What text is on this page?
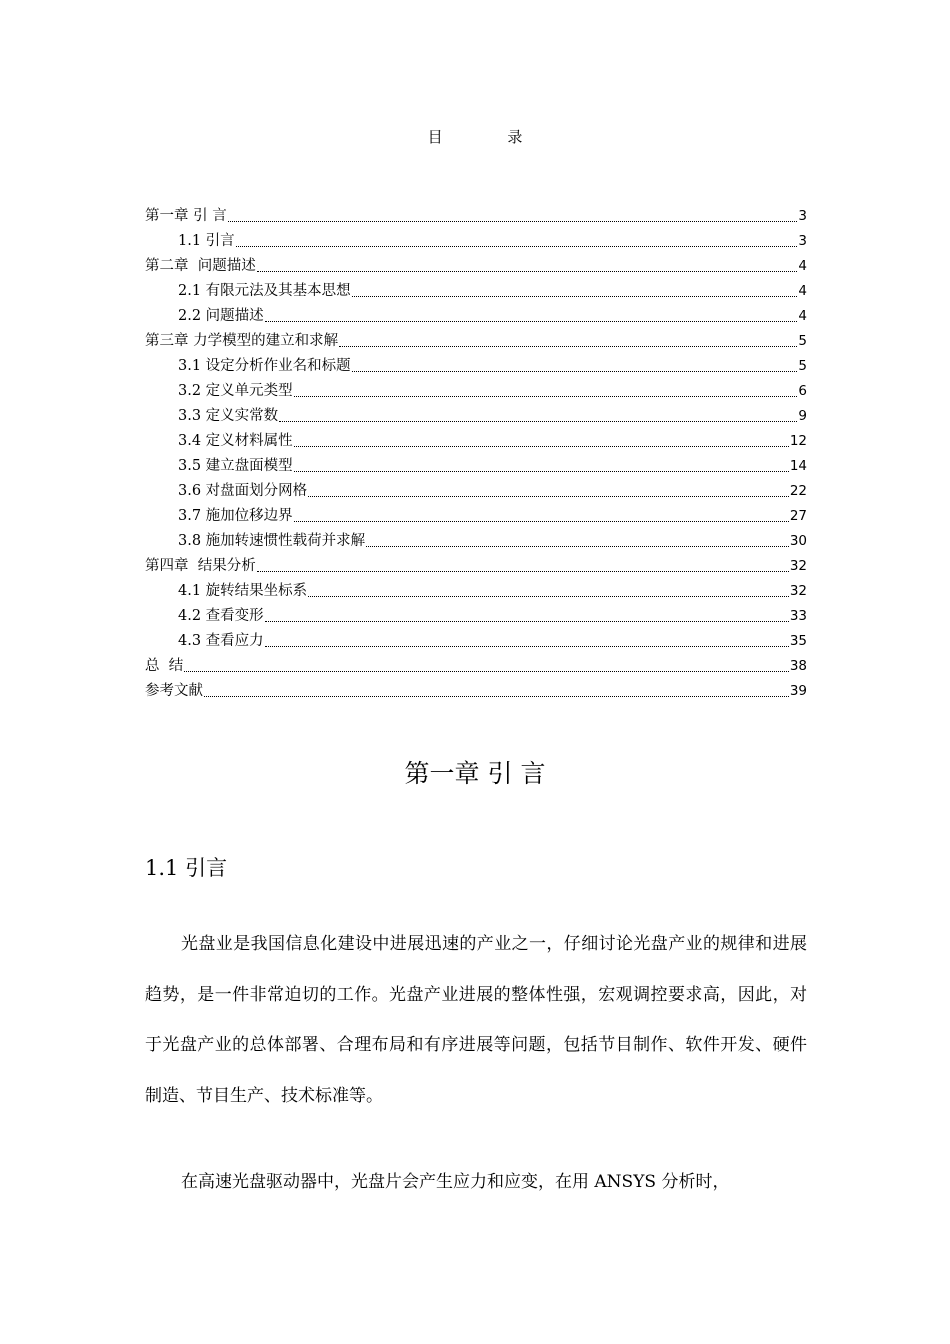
目 录
第一章 引 言	3
1.1 引言	3
第二章  问题描述	4
2.1 有限元法及其基本思想	4
2.2 问题描述	4
第三章 力学模型的建立和求解	5
3.1 设定分析作业名和标题	5
3.2 定义单元类型	6
3.3 定义实常数	9
3.4 定义材料属性	12
3.5 建立盘面模型	14
3.6 对盘面划分网格	22
3.7 施加位移边界	27
3.8 施加转速惯性载荷并求解	30
第四章  结果分析	32
4.1 旋转结果坐标系	32
4.2 查看变形	33
4.3 查看应力	35
总  结	38
参考文献	39
第一章 引 言
1.1 引言

光盘业是我国信息化建设中进展迅速的产业之一，仔细讨论光盘产业的规律和进展趋势，是一件非常迫切的工作。光盘产业进展的整体性强，宏观调控要求高，因此，对于光盘产业的总体部署、合理布局和有序进展等问题，包括节目制作、软件开发、硬件制造、节目生产、技术标准等。

在高速光盘驱动器中，光盘片会产生应力和应变，在用 ANSYS 分析时，
